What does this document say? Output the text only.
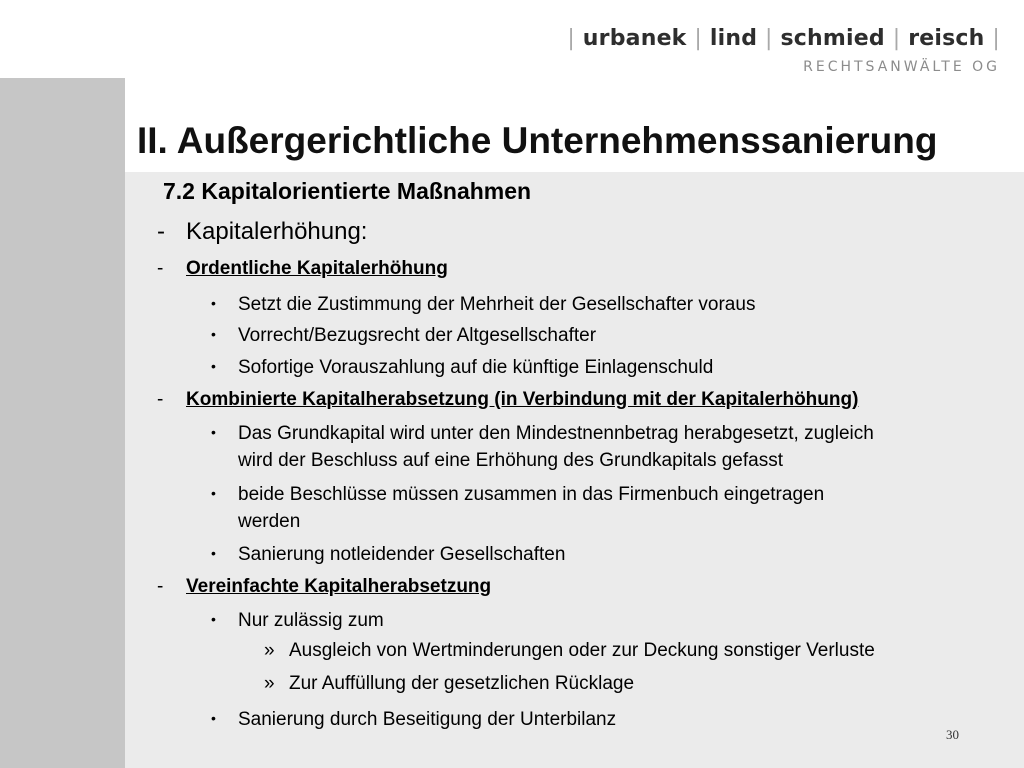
| urbanek | lind | schmied | reisch |
RECHTSANWÄLTE OG
II. Außergerichtliche Unternehmenssanierung
7.2 Kapitalorientierte Maßnahmen
- Kapitalerhöhung:
- Ordentliche Kapitalerhöhung
• Setzt die Zustimmung der Mehrheit der Gesellschafter voraus
• Vorrecht/Bezugsrecht der Altgesellschafter
• Sofortige Vorauszahlung auf die künftige Einlagenschuld
- Kombinierte Kapitalherabsetzung (in Verbindung mit der Kapitalerhöhung)
• Das Grundkapital wird unter den Mindestnennbetrag herabgesetzt, zugleich
wird der Beschluss auf eine Erhöhung des Grundkapitals gefasst
• beide Beschlüsse müssen zusammen in das Firmenbuch eingetragen
werden
• Sanierung notleidender Gesellschaften
- Vereinfachte Kapitalherabsetzung
• Nur zulässig zum
» Ausgleich von Wertminderungen oder zur Deckung sonstiger Verluste
» Zur Auffüllung der gesetzlichen Rücklage
• Sanierung durch Beseitigung der Unterbilanz
30
